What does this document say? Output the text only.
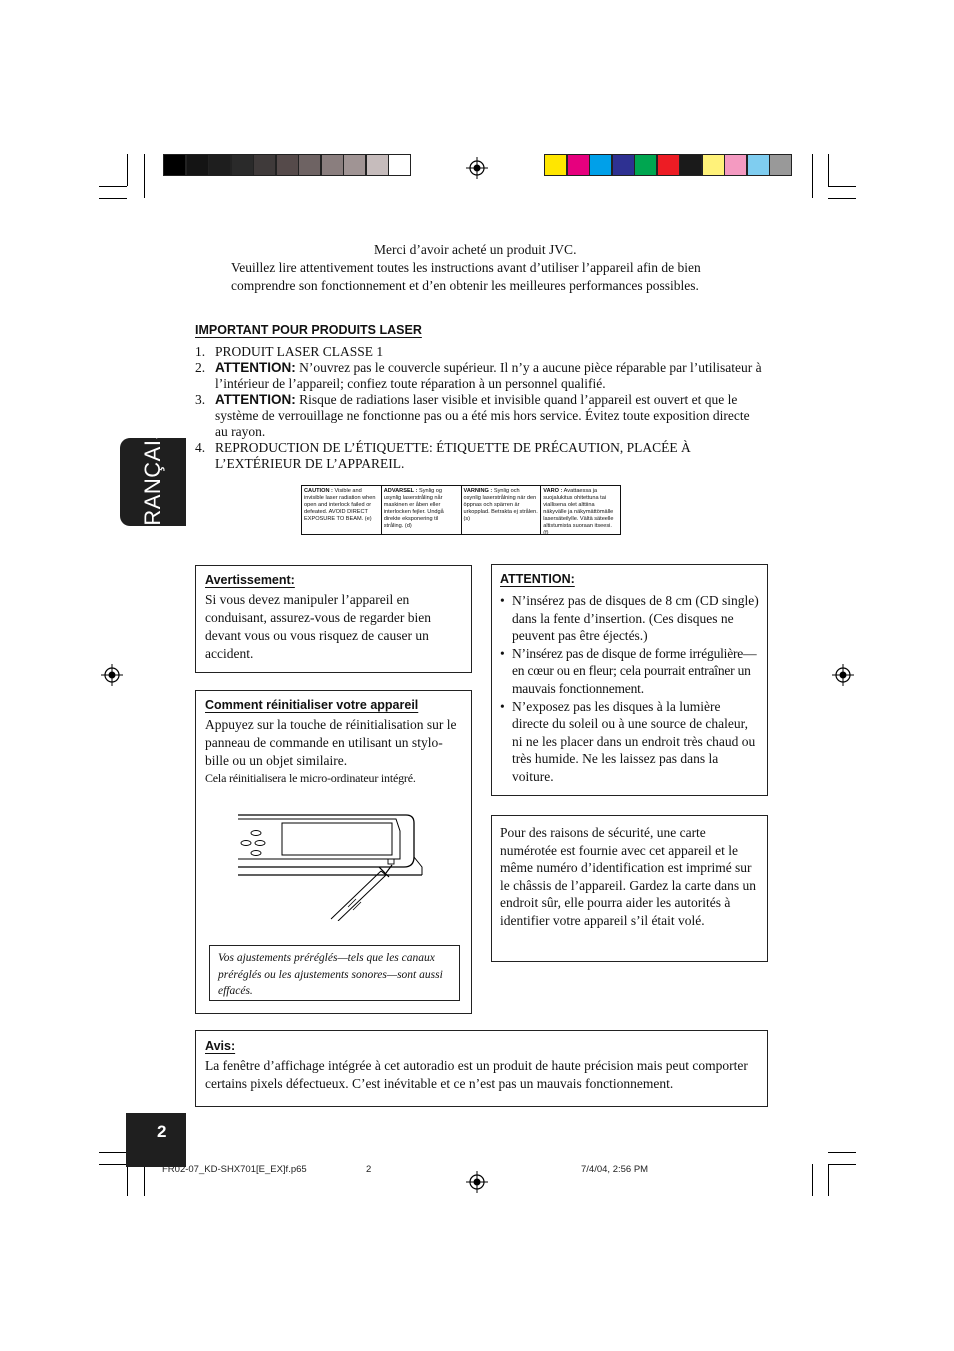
Merci d’avoir acheté un produit JVC.
Veuillez lire attentivement toutes les instructions avant d’utiliser l’appareil afin de bien
comprendre son fonctionnement et d’en obtenir les meilleures performances possibles.
IMPORTANT POUR PRODUITS LASER
1. PRODUIT LASER CLASSE 1
2. ATTENTION: N’ouvrez pas le couvercle supérieur. Il n’y a aucune pièce réparable par l’utilisateur à l’intérieur de l’appareil; confiez toute réparation à un personnel qualifié.
3. ATTENTION: Risque de radiations laser visible et invisible quand l’appareil est ouvert et que le système de verrouillage ne fonctionne pas ou a été mis hors service. Évitez toute exposition directe au rayon.
4. REPRODUCTION DE L’ÉTIQUETTE: ÉTIQUETTE DE PRÉCAUTION, PLACÉE À L’EXTÉRIEUR DE L’APPAREIL.
CAUTION : Visible and invisible laser radiation when open and interlock failed or defeated. AVOID DIRECT EXPOSURE TO BEAM. (e)
ADVARSEL : Synlig og usynlig laserstråling når maskinen er åben eller interlocken fejler. Undgå direkte eksponering til stråling. (d)
VARNING : Synlig och osynlig laserstrålning när den öppnas och spärren är urkopplad. Betrakta ej strålen. (s)
VARO : Avattaessa ja suojalukitus ohitettuna tai viallisena olet alttiina näkyvälle ja näkymättömälle lasersäteilylle. Vältä säteelle altistumista suoraan itseesi. (f)
FRANÇAIS
Avertissement:

Si vous devez manipuler l’appareil en conduisant, assurez-vous de regarder bien devant vous ou vous risquez de causer un accident.

ATTENTION:
• N’insérez pas de disques de 8 cm (CD single) dans la fente d’insertion. (Ces disques ne peuvent pas être éjectés.)
• N’insérez pas de disque de forme irrégulière—en cœur ou en fleur; cela pourrait entraîner un mauvais fonctionnement.
• N’exposez pas les disques à la lumière directe du soleil ou à une source de chaleur, ni ne les placer dans un endroit très chaud ou très humide. Ne les laissez pas dans la voiture.
Comment réinitialiser votre appareil

Appuyez sur la touche de réinitialisation sur le panneau de commande en utilisant un stylo-bille ou un objet similaire.

Cela réinitialisera le micro-ordinateur intégré.

Vos ajustements préréglés—tels que les canaux préréglés ou les ajustements sonores—sont aussi effacés.

Pour des raisons de sécurité, une carte numérotée est fournie avec cet appareil et le même numéro d’identification est imprimé sur le châssis de l’appareil. Gardez la carte dans un endroit sûr, elle pourra aider les autorités à identifier votre appareil s’il était volé.

Avis:

La fenêtre d’affichage intégrée à cet autoradio est un produit de haute précision mais peut comporter certains pixels défectueux. C’est inévitable et ce n’est pas un mauvais fonctionnement.

2
FR02-07_KD-SHX701[E_EX]f.p65	2	7/4/04, 2:56 PM
